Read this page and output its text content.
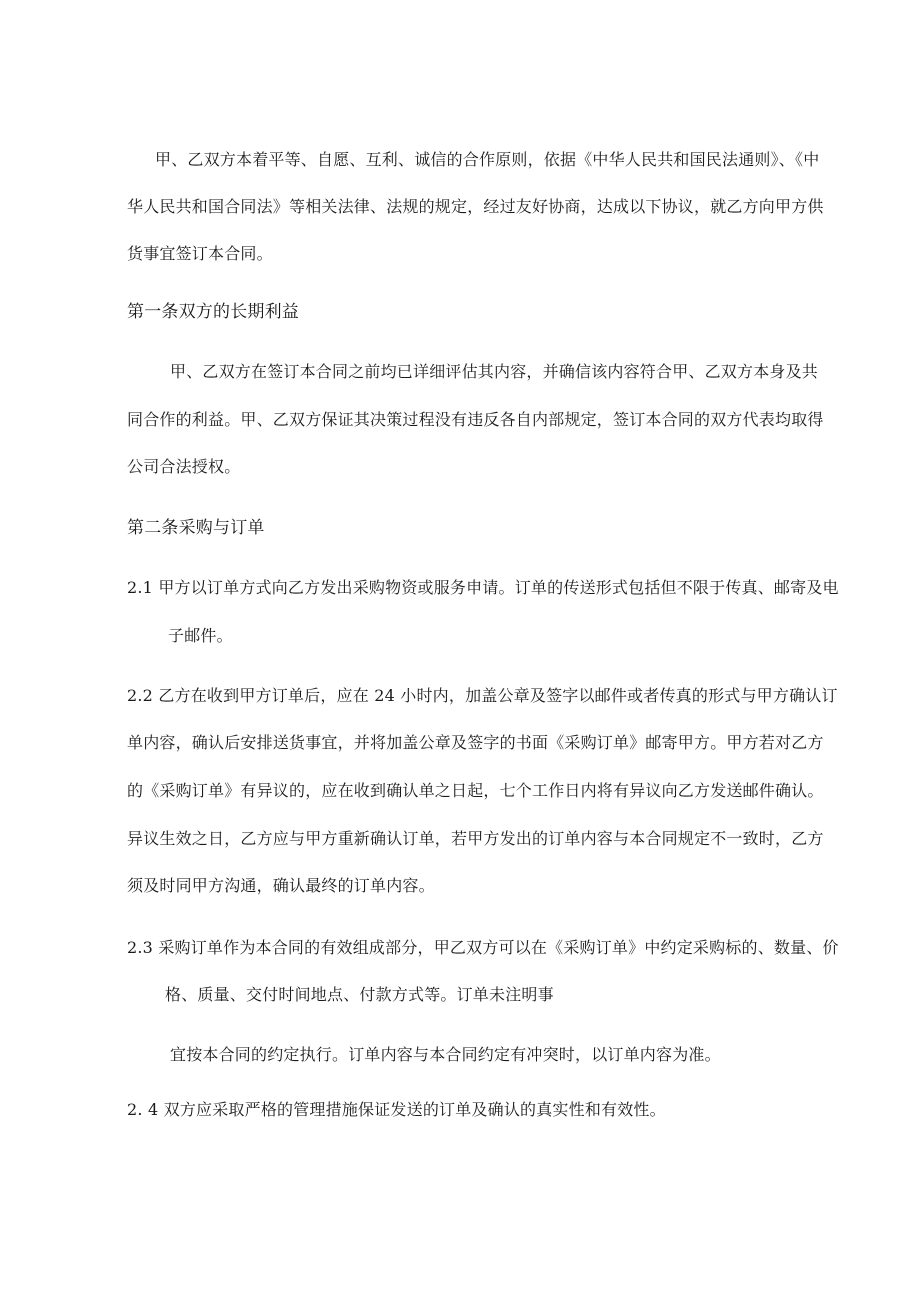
甲、乙双方本着平等、自愿、互利、诚信的合作原则，依据《中华人民共和国民法通则》、《中
华人民共和国合同法》等相关法律、法规的规定，经过友好协商，达成以下协议，就乙方向甲方供
货事宜签订本合同。
第一条双方的长期利益
甲、乙双方在签订本合同之前均已详细评估其内容，并确信该内容符合甲、乙双方本身及共
同合作的利益。甲、乙双方保证其决策过程没有违反各自内部规定，签订本合同的双方代表均取得
公司合法授权。
第二条采购与订单
2.1 甲方以订单方式向乙方发出采购物资或服务申请。订单的传送形式包括但不限于传真、邮寄及电
子邮件。
2.2 乙方在收到甲方订单后，应在 24 小时内，加盖公章及签字以邮件或者传真的形式与甲方确认订
单内容，确认后安排送货事宜，并将加盖公章及签字的书面《采购订单》邮寄甲方。甲方若对乙方
的《采购订单》有异议的，应在收到确认单之日起，七个工作日内将有异议向乙方发送邮件确认。
异议生效之日，乙方应与甲方重新确认订单，若甲方发出的订单内容与本合同规定不一致时，乙方
须及时同甲方沟通，确认最终的订单内容。
2.3 采购订单作为本合同的有效组成部分，甲乙双方可以在《采购订单》中约定采购标的、数量、价
格、质量、交付时间地点、付款方式等。订单未注明事
宜按本合同的约定执行。订单内容与本合同约定有冲突时，以订单内容为准。
2. 4 双方应采取严格的管理措施保证发送的订单及确认的真实性和有效性。
